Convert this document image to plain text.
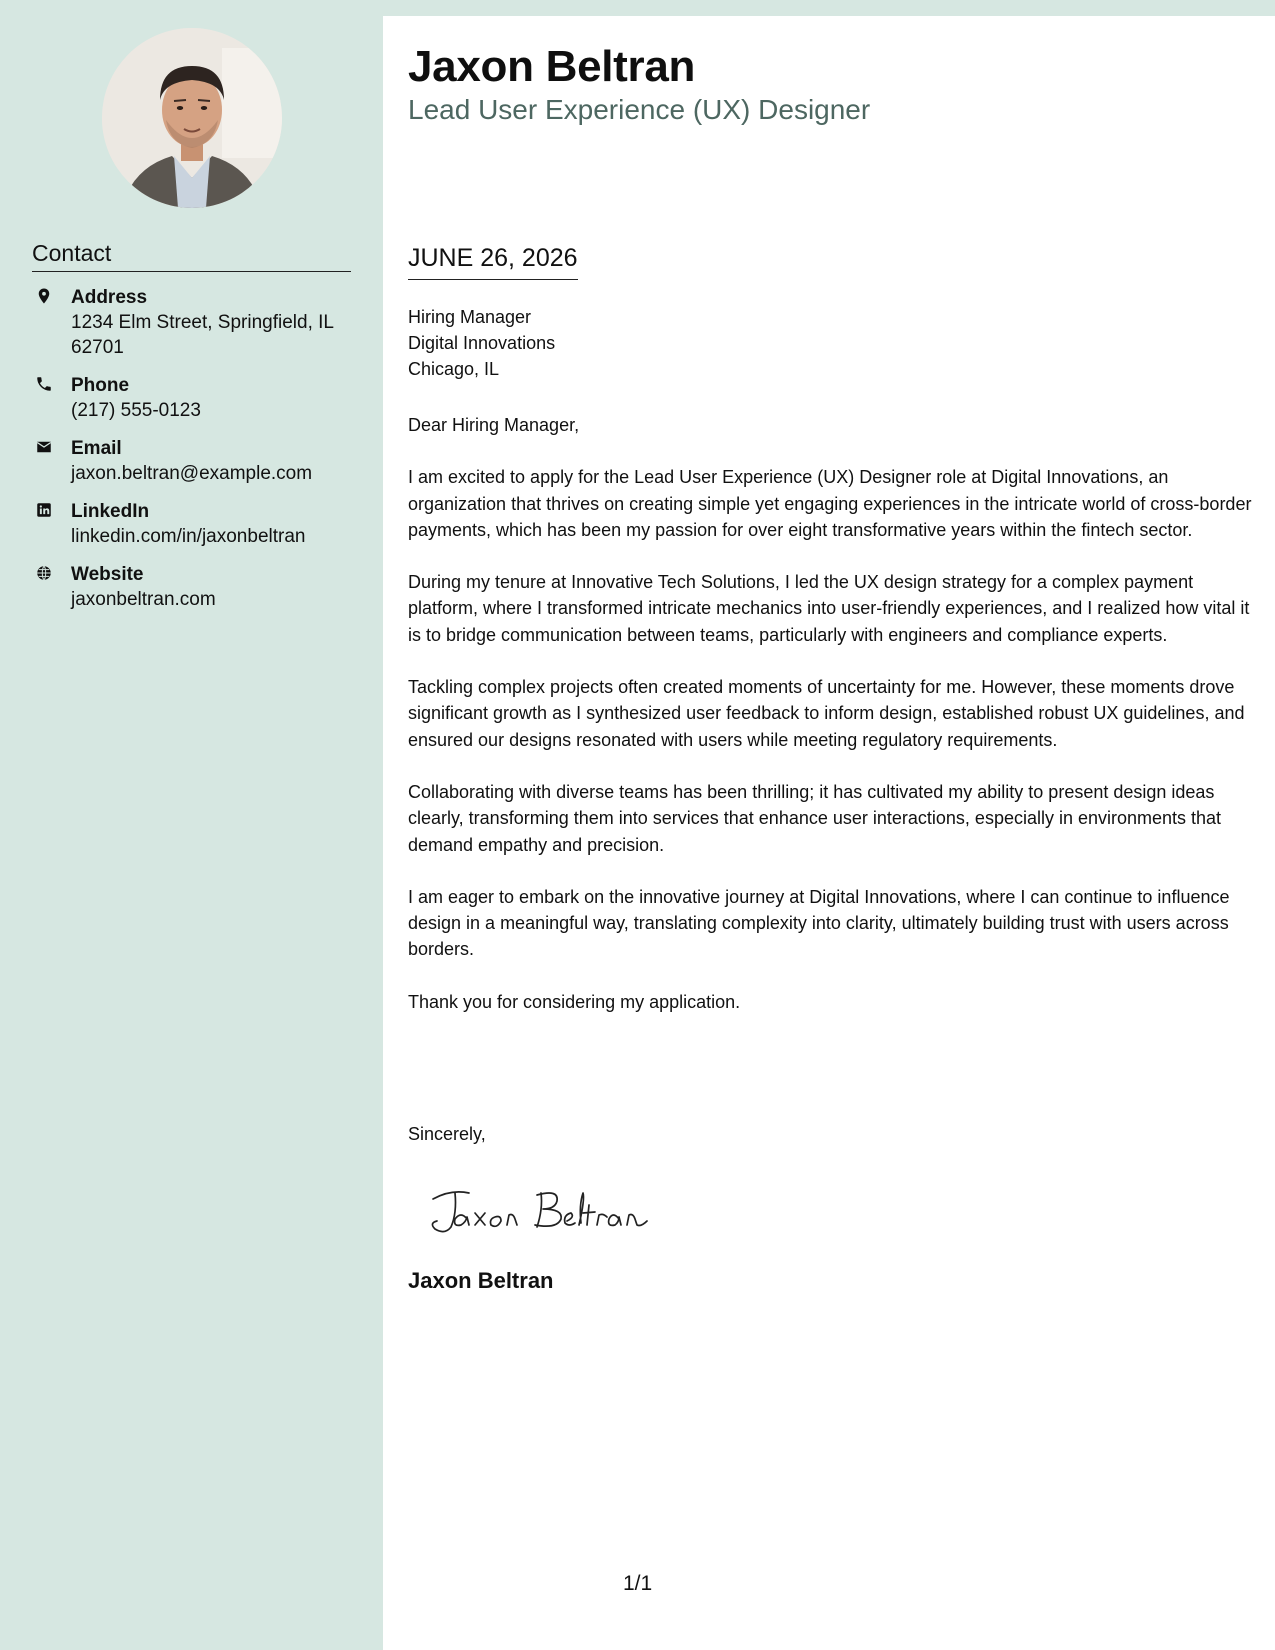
Contact
Address
1234 Elm Street, Springfield, IL 62701
Phone
(217) 555-0123
Email
jaxon.beltran@example.com
LinkedIn
linkedin.com/in/jaxonbeltran
Website
jaxonbeltran.com
Jaxon Beltran
Lead User Experience (UX) Designer
JUNE 26, 2026
Hiring Manager
Digital Innovations
Chicago, IL

Dear Hiring Manager,

I am excited to apply for the Lead User Experience (UX) Designer role at Digital Innovations, an organization that thrives on creating simple yet engaging experiences in the intricate world of cross-border payments, which has been my passion for over eight transformative years within the fintech sector.

During my tenure at Innovative Tech Solutions, I led the UX design strategy for a complex payment platform, where I transformed intricate mechanics into user-friendly experiences, and I realized how vital it is to bridge communication between teams, particularly with engineers and compliance experts.

Tackling complex projects often created moments of uncertainty for me. However, these moments drove significant growth as I synthesized user feedback to inform design, established robust UX guidelines, and ensured our designs resonated with users while meeting regulatory requirements.

Collaborating with diverse teams has been thrilling; it has cultivated my ability to present design ideas clearly, transforming them into services that enhance user interactions, especially in environments that demand empathy and precision.

I am eager to embark on the innovative journey at Digital Innovations, where I can continue to influence design in a meaningful way, translating complexity into clarity, ultimately building trust with users across borders.

Thank you for considering my application.

Sincerely,
Jaxon Beltran
1/1
